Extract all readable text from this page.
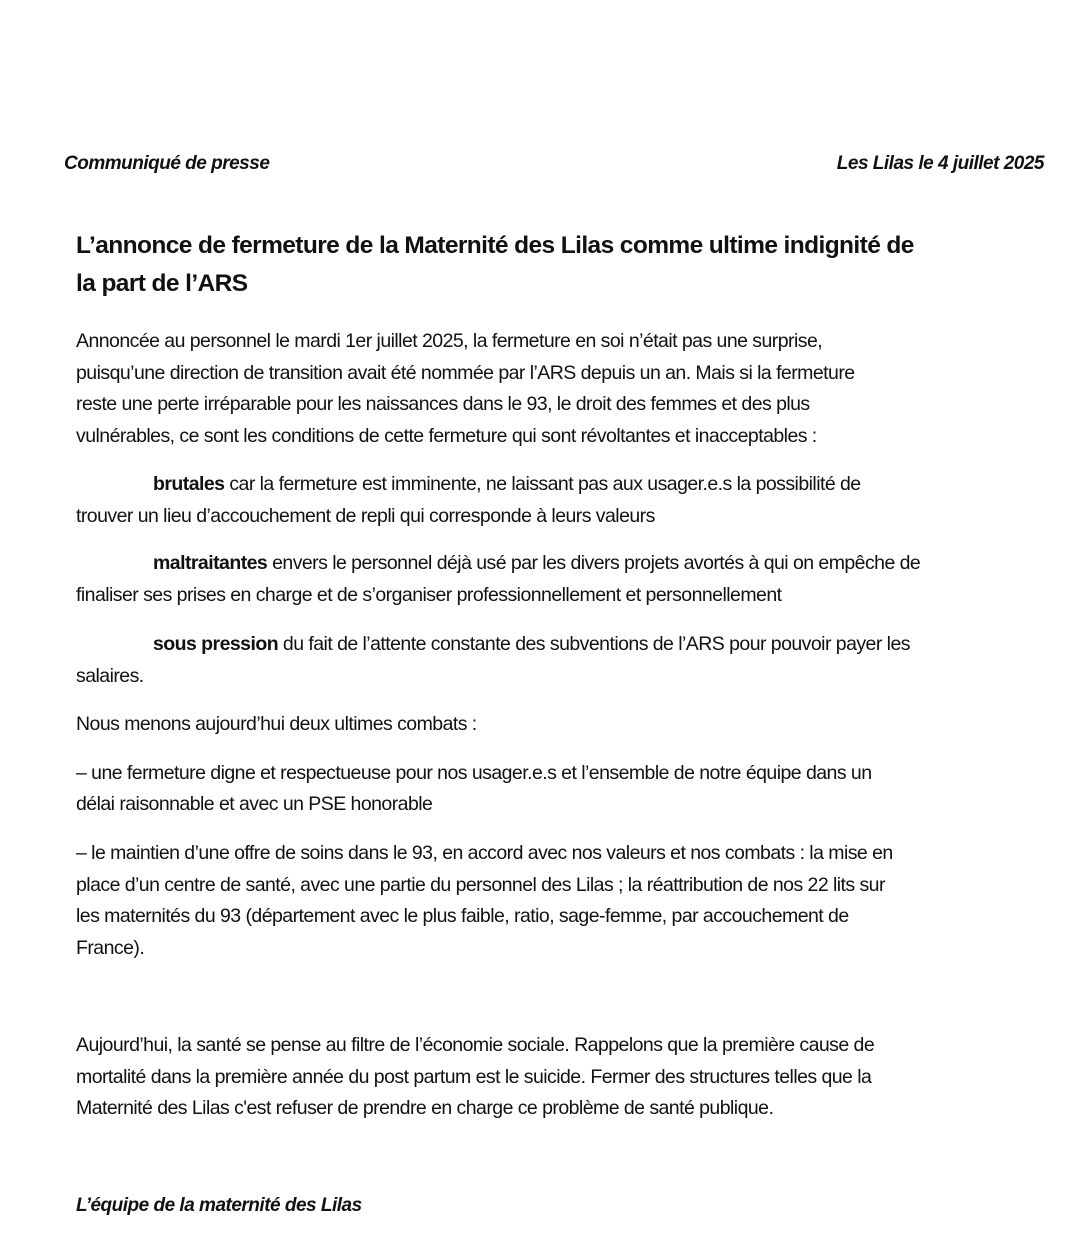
Communiqué de presse	Les Lilas le 4 juillet 2025
L’annonce de fermeture de la Maternité des Lilas comme ultime indignité de
la part de l’ARS
Annoncée au personnel le mardi 1er juillet 2025, la fermeture en soi n’était pas une surprise,
puisqu’une direction de transition avait été nommée par l’ARS depuis un an. Mais si la fermeture
reste une perte irréparable pour les naissances dans le 93, le droit des femmes et des plus
vulnérables, ce sont les conditions de cette fermeture qui sont révoltantes et inacceptables :
brutales car la fermeture est imminente, ne laissant pas aux usager.e.s la possibilité de
trouver un lieu d’accouchement de repli qui corresponde à leurs valeurs
maltraitantes envers le personnel déjà usé par les divers projets avortés à qui on empêche de
finaliser ses prises en charge et de s’organiser professionnellement et personnellement
sous pression du fait de l’attente constante des subventions de l’ARS pour pouvoir payer les
salaires.
Nous menons aujourd’hui deux ultimes combats :
– une fermeture digne et respectueuse pour nos usager.e.s et l’ensemble de notre équipe dans un
délai raisonnable et avec un PSE honorable
– le maintien d’une offre de soins dans le 93, en accord avec nos valeurs et nos combats : la mise en
place d’un centre de santé, avec une partie du personnel des Lilas ; la réattribution de nos 22 lits sur
les maternités du 93 (département avec le plus faible, ratio, sage-femme, par accouchement de
France).
Aujourd’hui, la santé se pense au filtre de l’économie sociale. Rappelons que la première cause de
mortalité dans la première année du post partum est le suicide. Fermer des structures telles que la
Maternité des Lilas c'est refuser de prendre en charge ce problème de santé publique.
L’équipe de la maternité des Lilas
